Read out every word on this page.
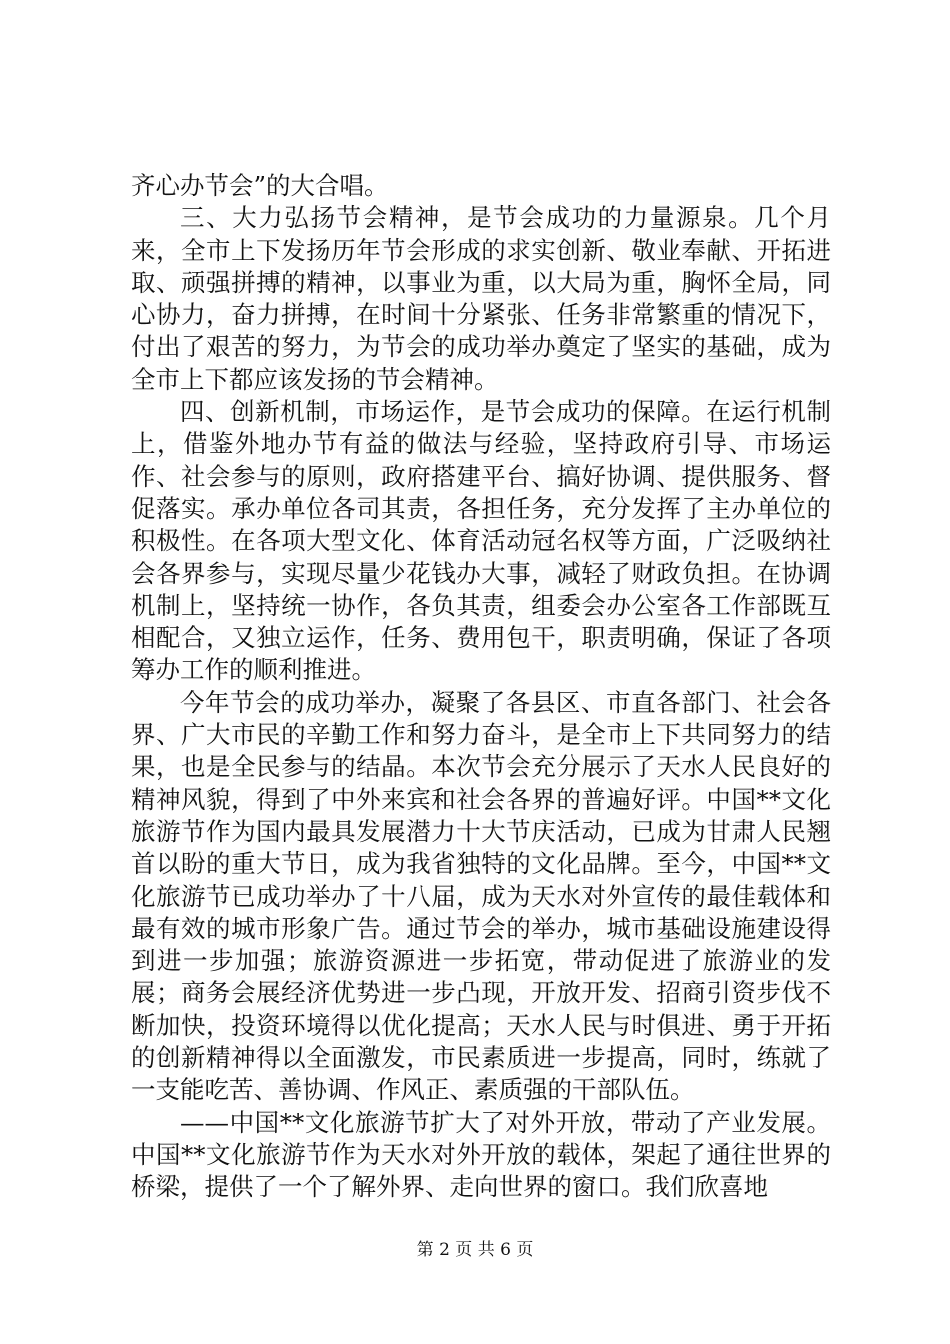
齐心办节会”的大合唱。

三、大力弘扬节会精神，是节会成功的力量源泉。几个月来，全市上下发扬历年节会形成的求实创新、敬业奉献、开拓进取、顽强拼搏的精神，以事业为重，以大局为重，胸怀全局，同心协力，奋力拼搏，在时间十分紧张、任务非常繁重的情况下，付出了艰苦的努力，为节会的成功举办奠定了坚实的基础，成为全市上下都应该发扬的节会精神。

四、创新机制，市场运作，是节会成功的保障。在运行机制上，借鉴外地办节有益的做法与经验，坚持政府引导、市场运作、社会参与的原则，政府搭建平台、搞好协调、提供服务、督促落实。承办单位各司其责，各担任务，充分发挥了主办单位的积极性。在各项大型文化、体育活动冠名权等方面，广泛吸纳社会各界参与，实现尽量少花钱办大事，减轻了财政负担。在协调机制上，坚持统一协作，各负其责，组委会办公室各工作部既互相配合，又独立运作，任务、费用包干，职责明确，保证了各项筹办工作的顺利推进。

今年节会的成功举办，凝聚了各县区、市直各部门、社会各界、广大市民的辛勤工作和努力奋斗，是全市上下共同努力的结果，也是全民参与的结晶。本次节会充分展示了天水人民良好的精神风貌，得到了中外来宾和社会各界的普遍好评。中国**文化旅游节作为国内最具发展潜力十大节庆活动，已成为甘肃人民翘首以盼的重大节日，成为我省独特的文化品牌。至今，中国**文化旅游节已成功举办了十八届，成为天水对外宣传的最佳载体和最有效的城市形象广告。通过节会的举办，城市基础设施建设得到进一步加强；旅游资源进一步拓宽，带动促进了旅游业的发展；商务会展经济优势进一步凸现，开放开发、招商引资步伐不断加快，投资环境得以优化提高；天水人民与时俱进、勇于开拓的创新精神得以全面激发，市民素质进一步提高，同时，练就了一支能吃苦、善协调、作风正、素质强的干部队伍。

——中国**文化旅游节扩大了对外开放，带动了产业发展。中国**文化旅游节作为天水对外开放的载体，架起了通往世界的桥梁，提供了一个了解外界、走向世界的窗口。我们欣喜地

第 2 页 共 6 页
